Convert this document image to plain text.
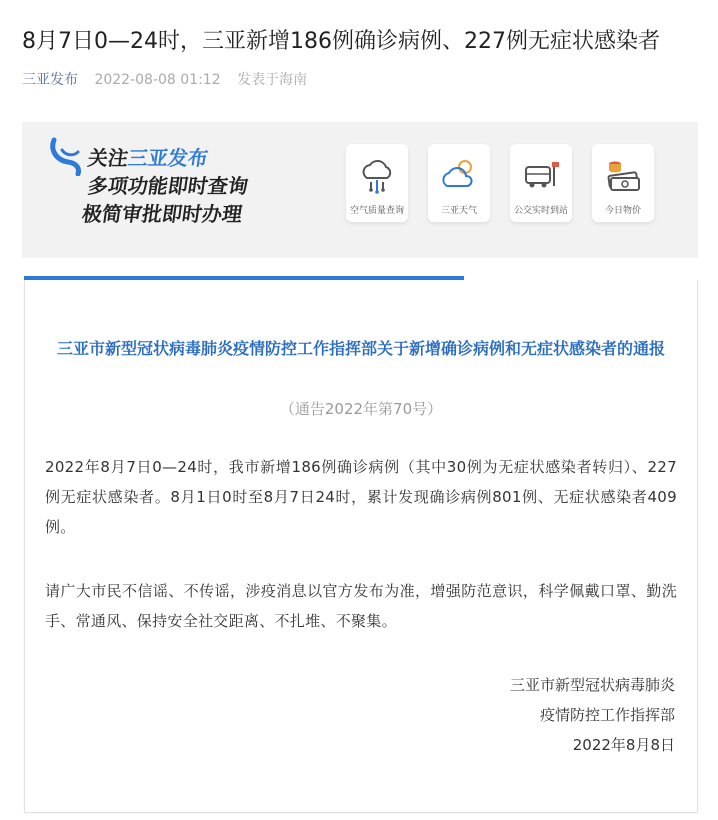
8月7日0—24时，三亚新增186例确诊病例、227例无症状感染者
三亚发布 2022-08-08 01:12 发表于海南
关注三亚发布
多项功能即时查询
极简审批即时办理	空气质量查询	三亚天气	公交实时到站	今日物价
三亚市新型冠状病毒肺炎疫情防控工作指挥部关于新增确诊病例和无症状感染者的通报
（通告2022年第70号）
2022年8月7日0—24时，我市新增186例确诊病例（其中30例为无症状感染者转归）、227例无症状感染者。8月1日0时至8月7日24时，累计发现确诊病例801例、无症状感染者409例。
请广大市民不信谣、不传谣，涉疫消息以官方发布为准，增强防范意识，科学佩戴口罩、勤洗手、常通风、保持安全社交距离、不扎堆、不聚集。
三亚市新型冠状病毒肺炎
疫情防控工作指挥部
2022年8月8日
